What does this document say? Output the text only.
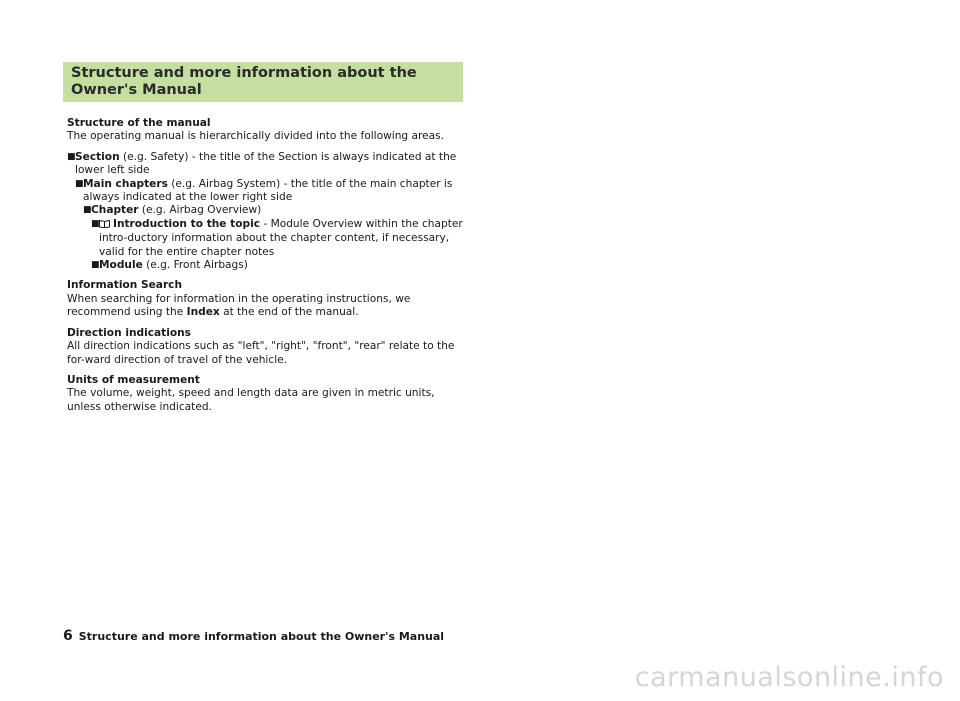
Structure and more information about the Owner's Manual

Structure of the manual

The operating manual is hierarchically divided into the following areas.

■ Section (e.g. Safety) - the title of the Section is always indicated at the lower left side
■ Main chapters (e.g. Airbag System) - the title of the main chapter is always indicated at the lower right side
■ Chapter (e.g. Airbag Overview)
■	Introduction to the topic - Module Overview within the chapter intro-ductory information about the chapter content, if necessary, valid for the entire chapter notes
■ Module (e.g. Front Airbags)

Information Search

When searching for information in the operating instructions, we recommend using the Index at the end of the manual.

Direction indications

All direction indications such as "left", "right", "front", "rear" relate to the for-ward direction of travel of the vehicle.

Units of measurement

The volume, weight, speed and length data are given in metric units, unless otherwise indicated.

6 Structure and more information about the Owner's Manual
carmanualsonline.info
